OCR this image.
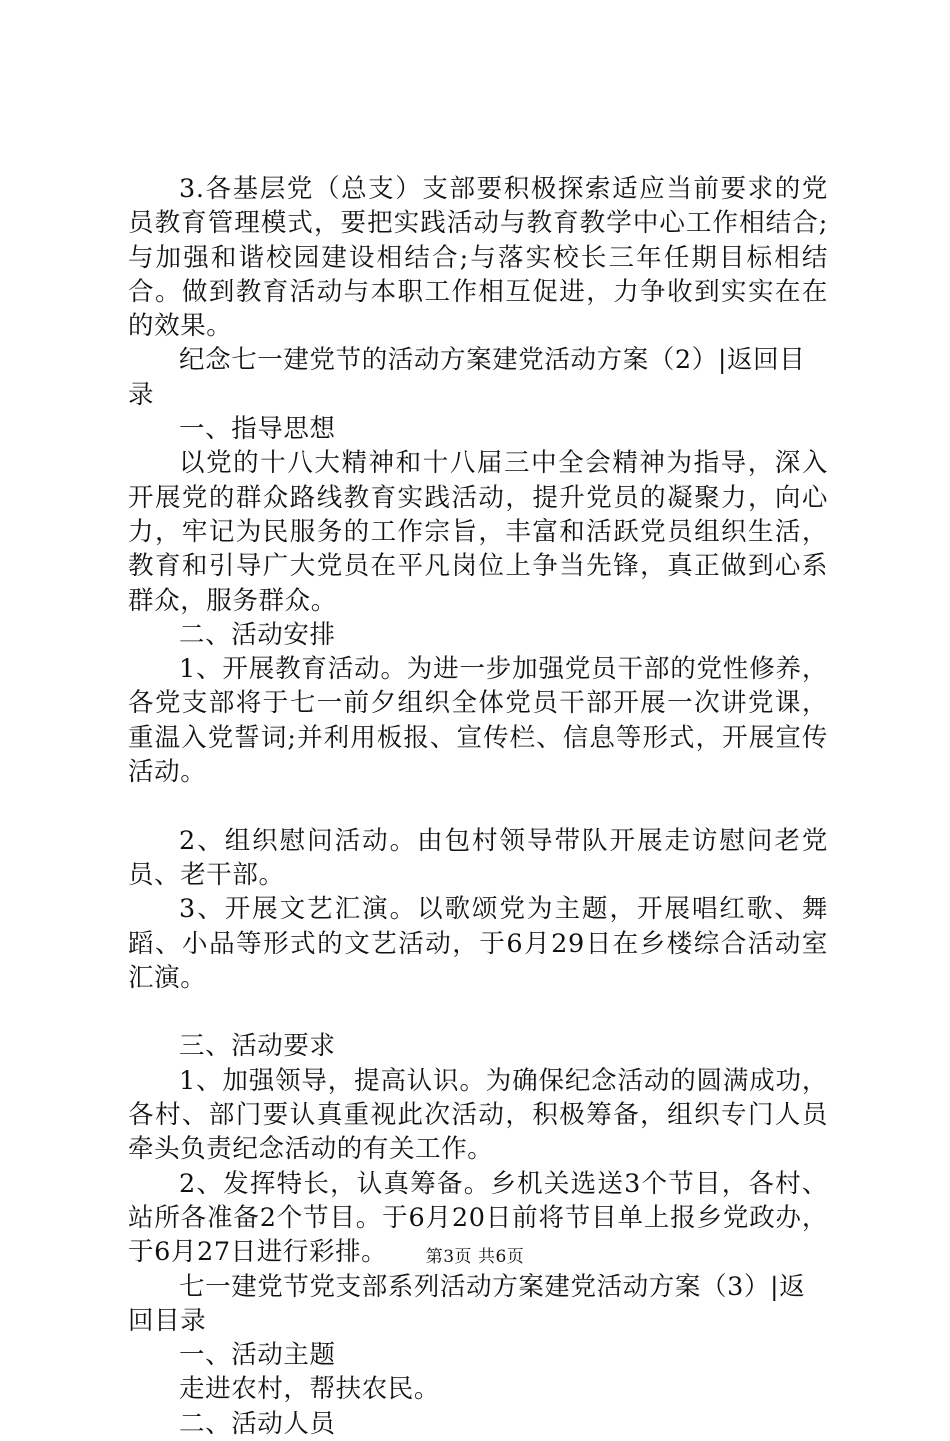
3.各基层党（总支）支部要积极探索适应当前要求的党员教育管理模式，要把实践活动与教育教学中心工作相结合;与加强和谐校园建设相结合;与落实校长三年任期目标相结合。做到教育活动与本职工作相互促进，力争收到实实在在的效果。

纪念七一建党节的活动方案建党活动方案（2）|返回目录

一、指导思想

以党的十八大精神和十八届三中全会精神为指导，深入开展党的群众路线教育实践活动，提升党员的凝聚力，向心力，牢记为民服务的工作宗旨，丰富和活跃党员组织生活，教育和引导广大党员在平凡岗位上争当先锋，真正做到心系群众，服务群众。

二、活动安排

1、开展教育活动。为进一步加强党员干部的党性修养，各党支部将于七一前夕组织全体党员干部开展一次讲党课，重温入党誓词;并利用板报、宣传栏、信息等形式，开展宣传活动。

2、组织慰问活动。由包村领导带队开展走访慰问老党员、老干部。

3、开展文艺汇演。以歌颂党为主题，开展唱红歌、舞蹈、小品等形式的文艺活动，于6月29日在乡楼综合活动室汇演。

三、活动要求

1、加强领导，提高认识。为确保纪念活动的圆满成功，各村、部门要认真重视此次活动，积极筹备，组织专门人员牵头负责纪念活动的有关工作。

2、发挥特长，认真筹备。乡机关选送3个节目，各村、站所各准备2个节目。于6月20日前将节目单上报乡党政办，于6月27日进行彩排。

七一建党节党支部系列活动方案建党活动方案（3）|返回目录

一、活动主题

走进农村，帮扶农民。

二、活动人员

第3页 共6页
